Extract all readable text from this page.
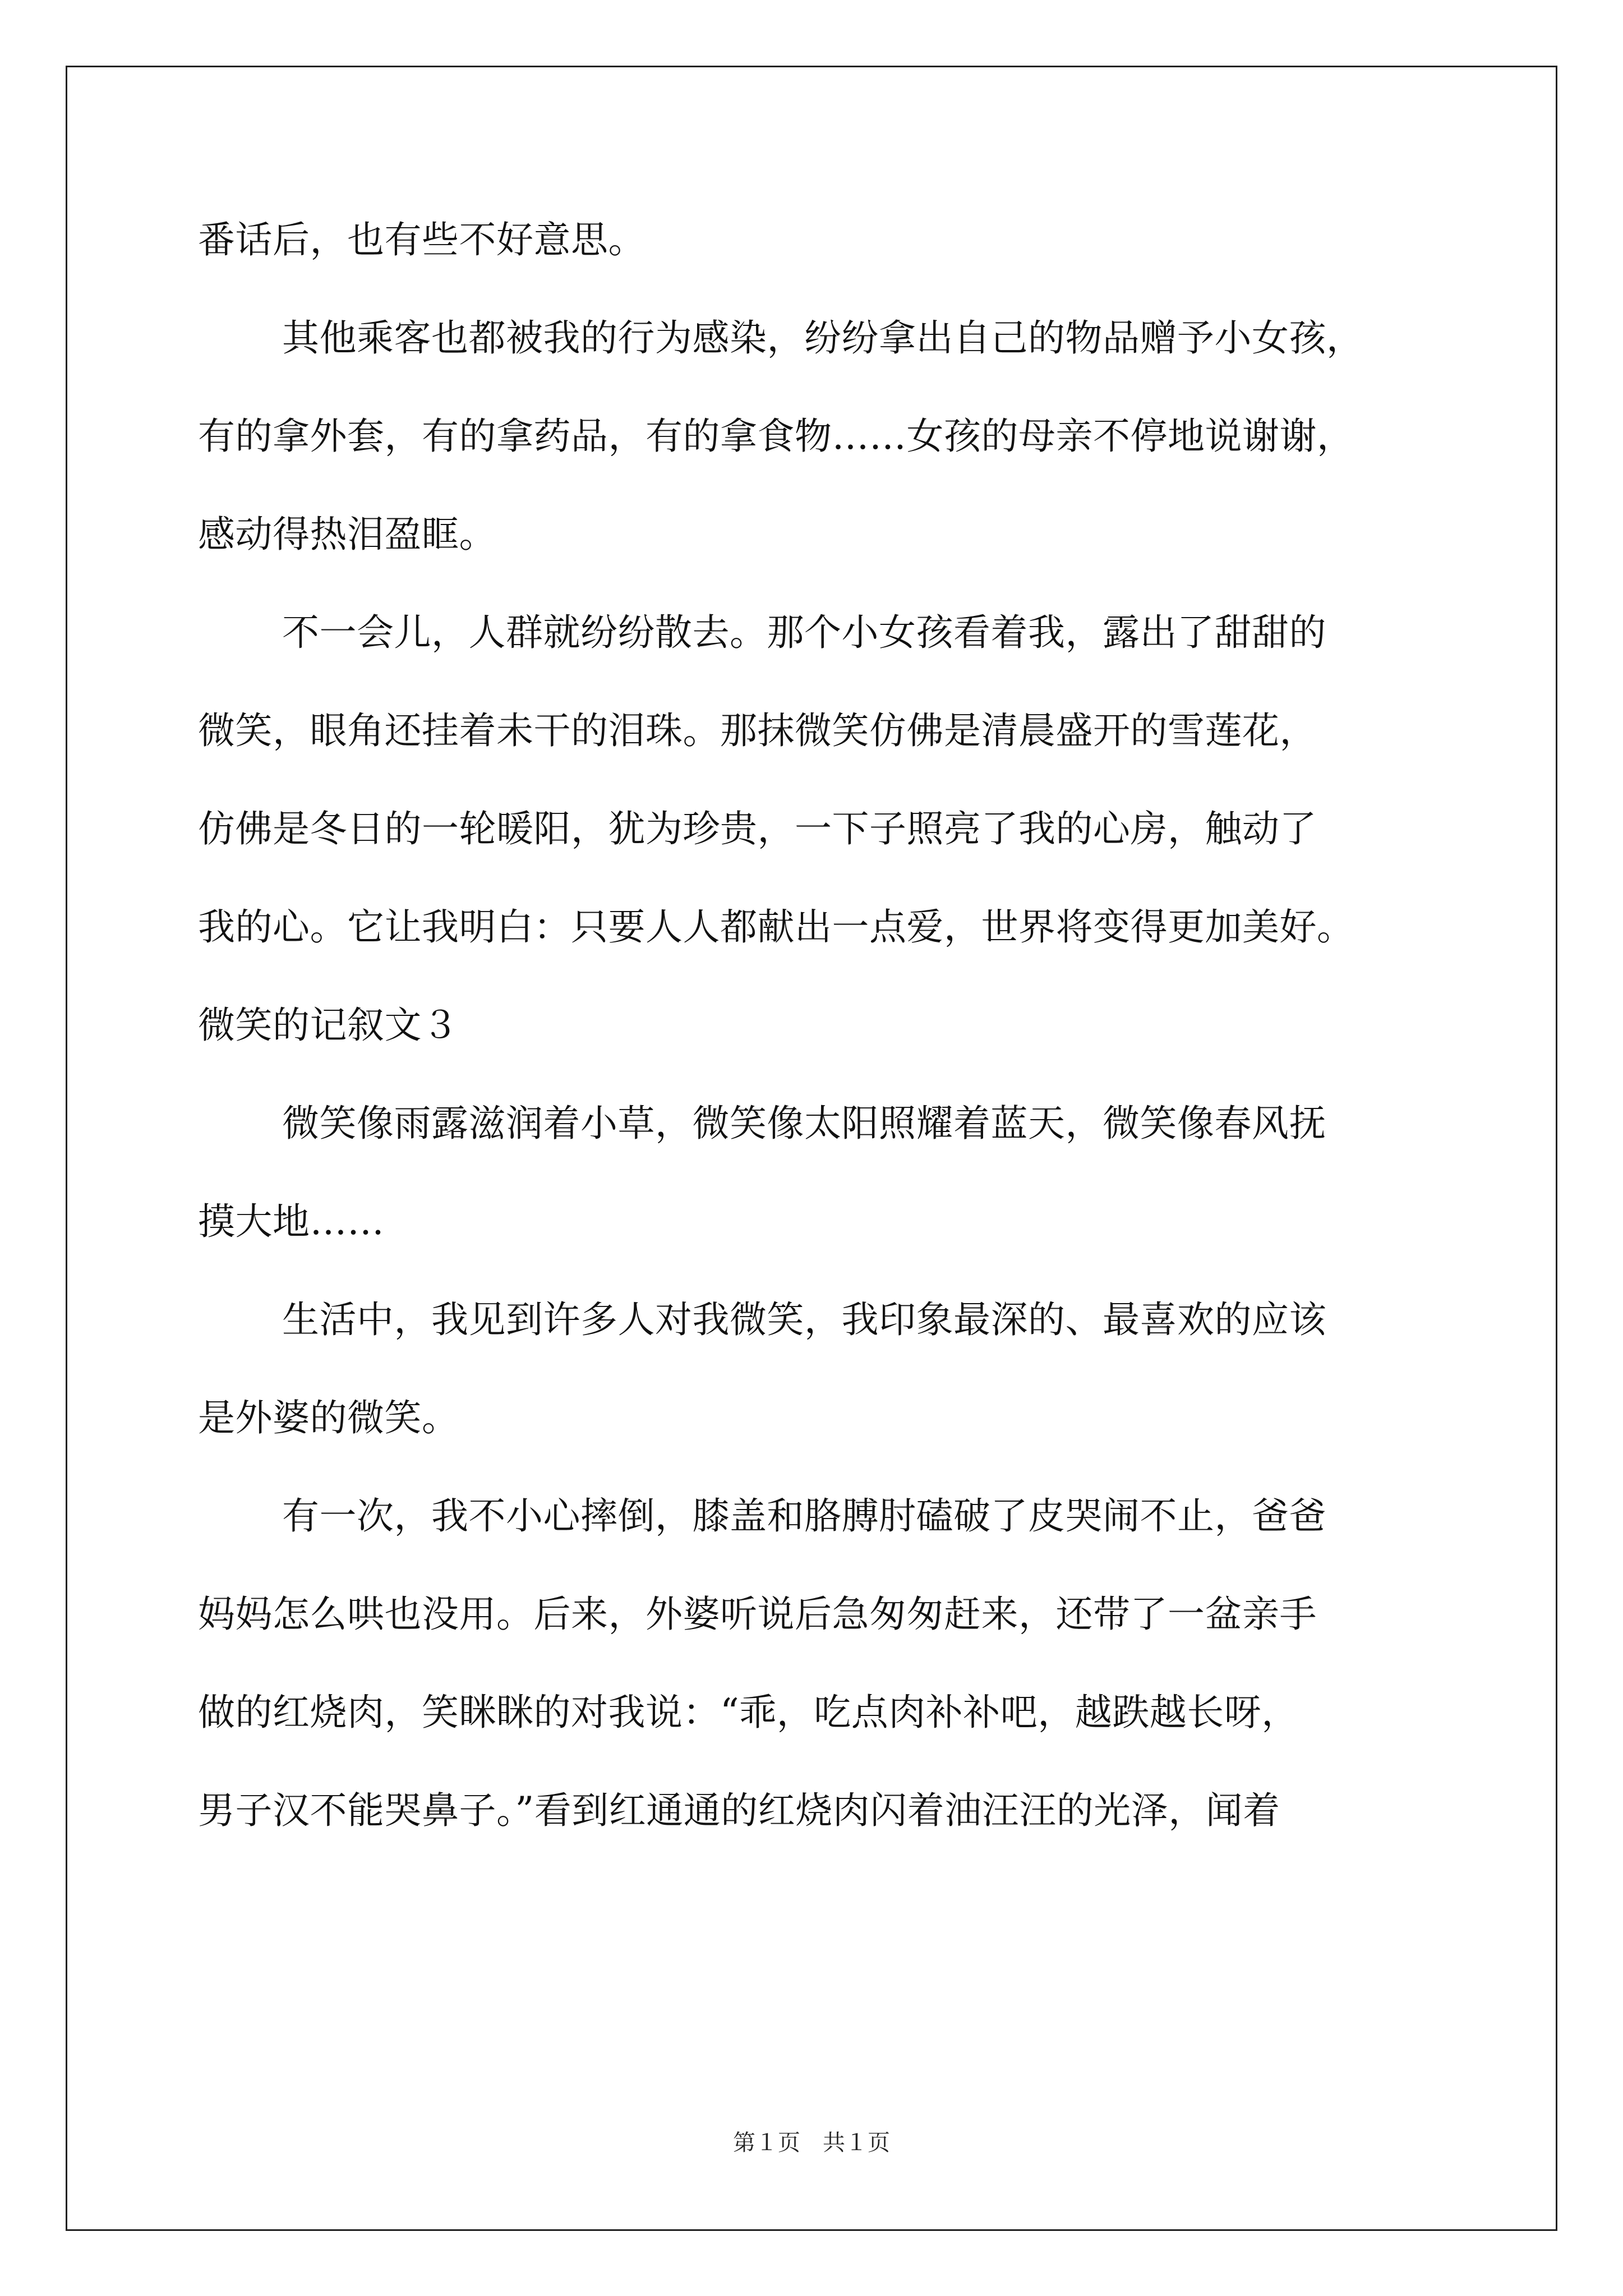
番话后，也有些不好意思。
其他乘客也都被我的行为感染，纷纷拿出自己的物品赠予小女孩，
有的拿外套，有的拿药品，有的拿食物……女孩的母亲不停地说谢谢，
感动得热泪盈眶。
不一会儿，人群就纷纷散去。那个小女孩看着我，露出了甜甜的
微笑，眼角还挂着未干的泪珠。那抹微笑仿佛是清晨盛开的雪莲花，
仿佛是冬日的一轮暖阳，犹为珍贵，一下子照亮了我的心房，触动了
我的心。它让我明白：只要人人都献出一点爱，世界将变得更加美好。
微笑的记叙文３
微笑像雨露滋润着小草，微笑像太阳照耀着蓝天，微笑像春风抚
摸大地……
生活中，我见到许多人对我微笑，我印象最深的、最喜欢的应该
是外婆的微笑。
有一次，我不小心摔倒，膝盖和胳膊肘磕破了皮哭闹不止，爸爸
妈妈怎么哄也没用。后来，外婆听说后急匆匆赶来，还带了一盆亲手
做的红烧肉，笑眯眯的对我说：“乖，吃点肉补补吧，越跌越长呀，
男子汉不能哭鼻子。”看到红通通的红烧肉闪着油汪汪的光泽，闻着
第１页　共１页
